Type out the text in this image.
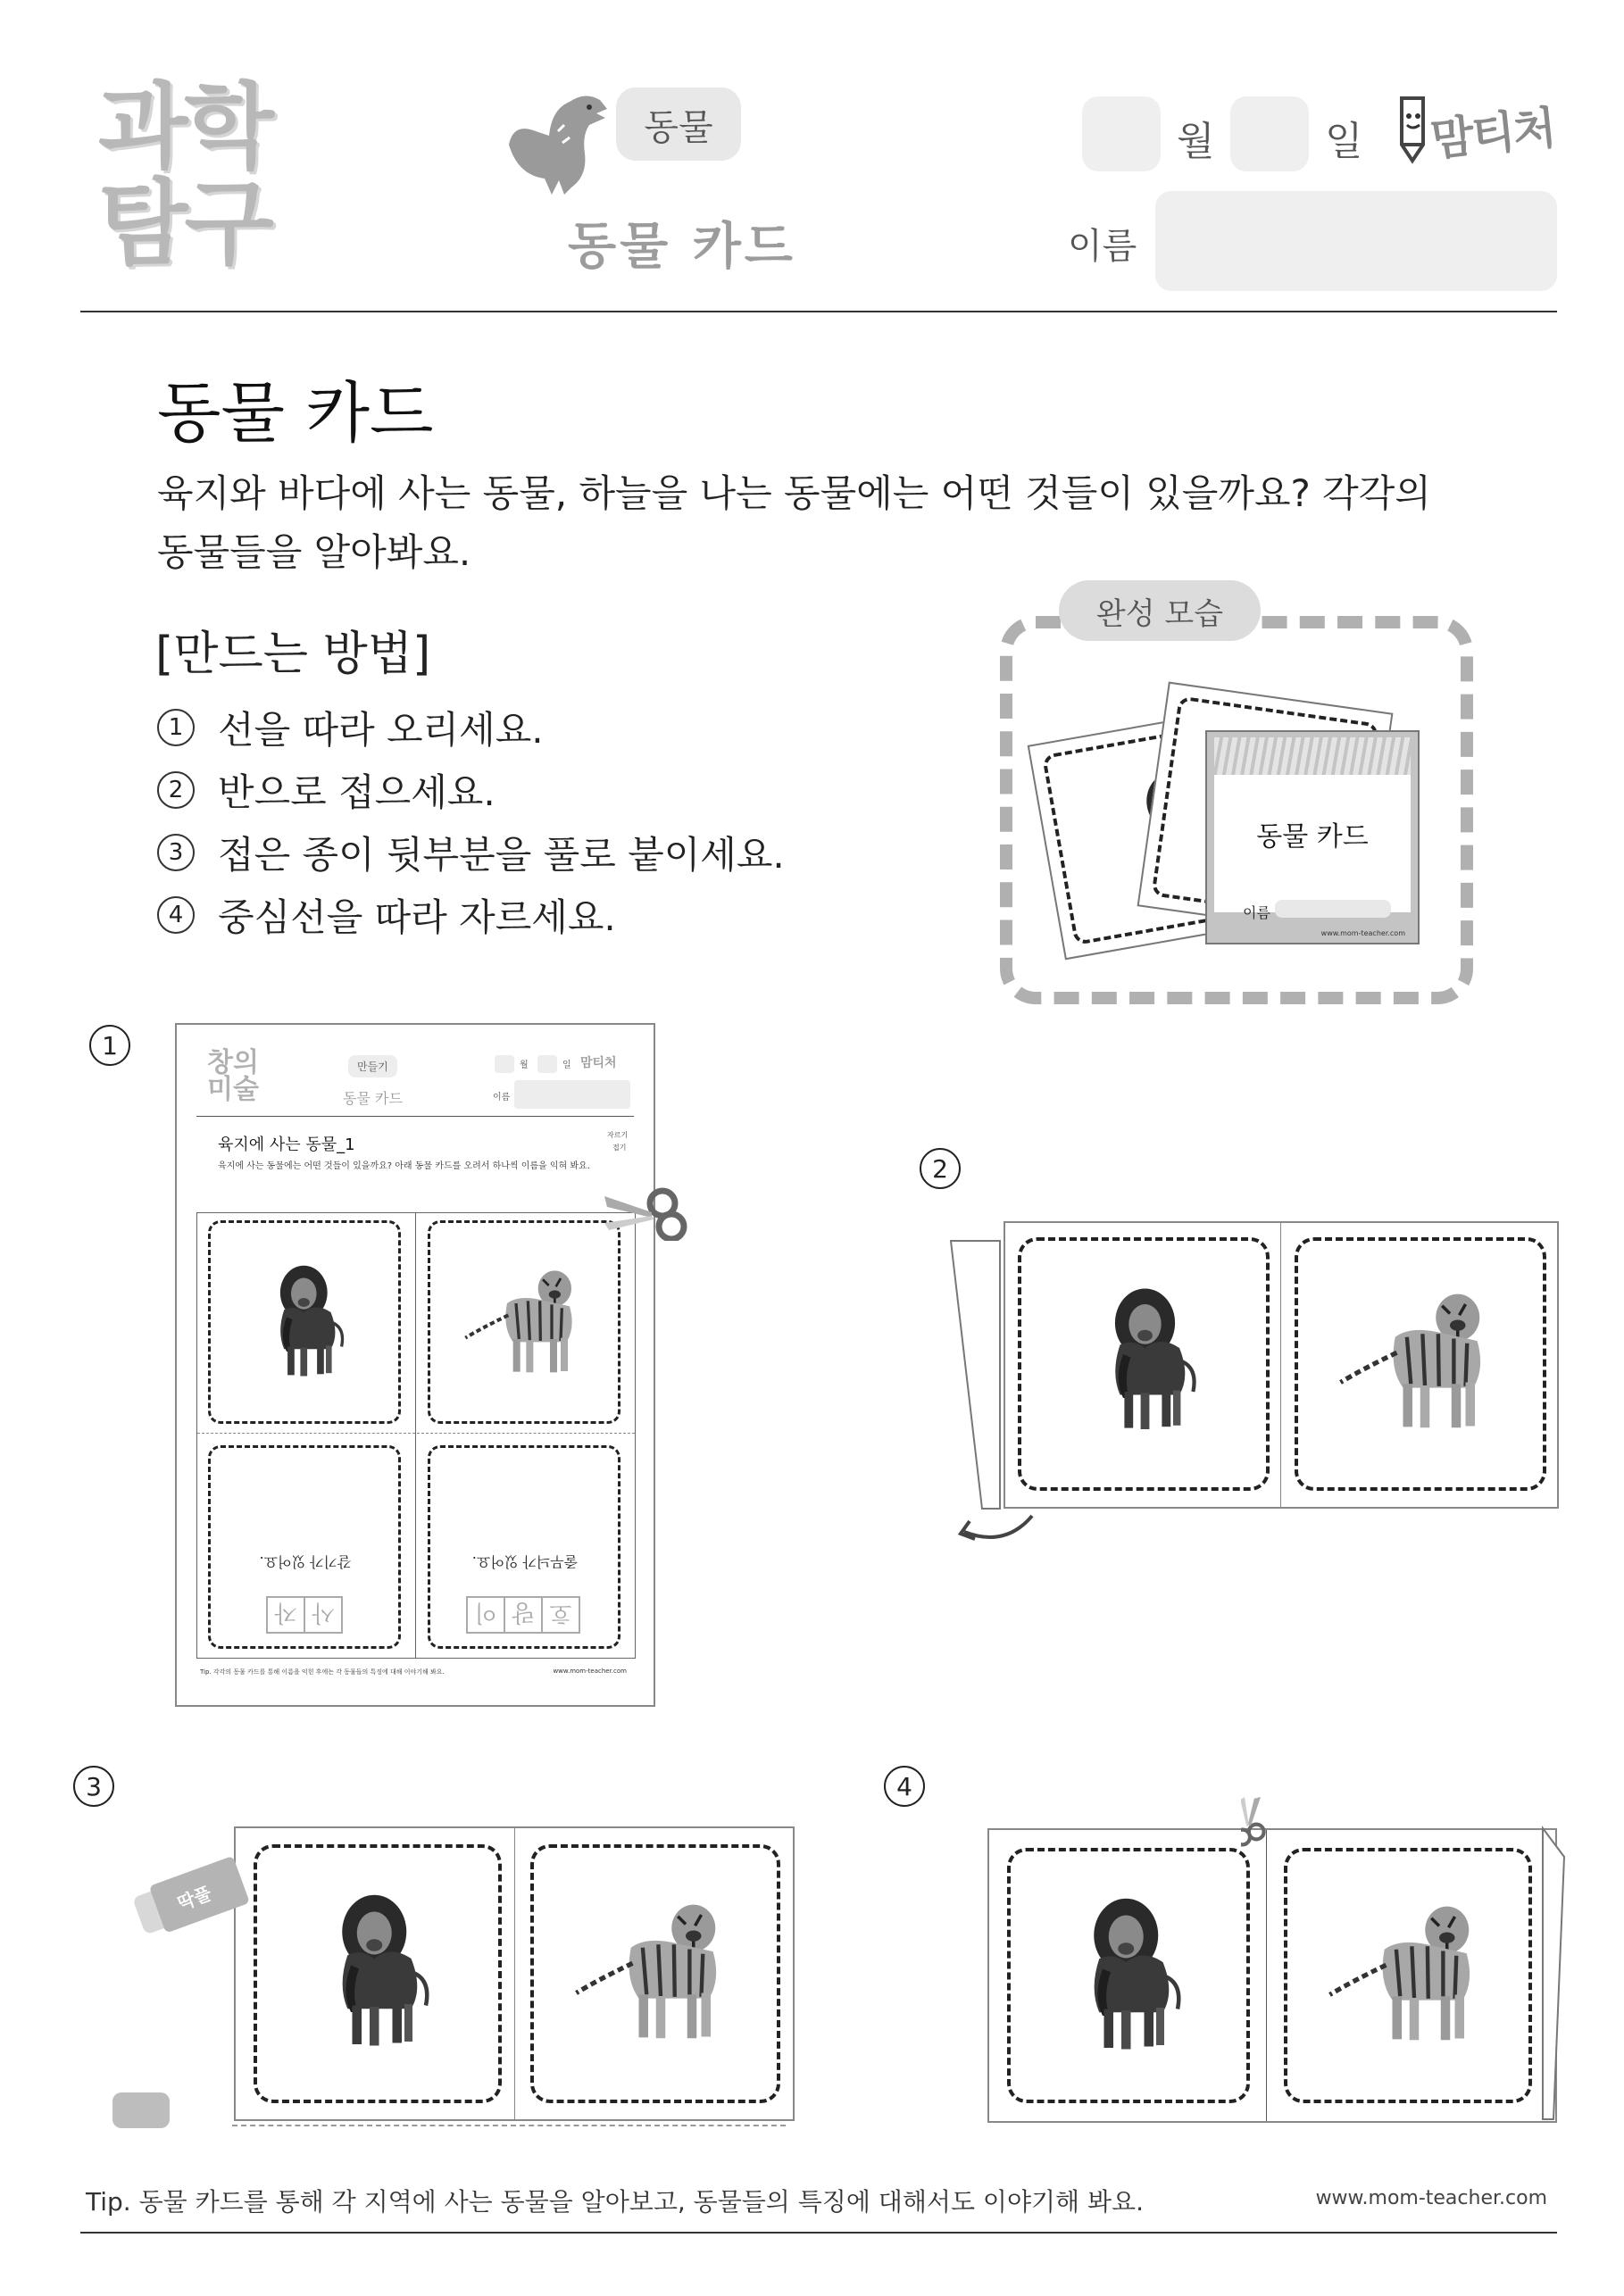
과학
탐구
동물
동물 카드
월	일 맘티처
이름
동물 카드
육지와 바다에 사는 동물, 하늘을 나는 동물에는 어떤 것들이 있을까요? 각각의 동물들을 알아봐요.
[만드는 방법]
1 선을 따라 오리세요.
2 반으로 접으세요.
3 접은 종이 뒷부분을 풀로 붙이세요.
4 중심선을 따라 자르세요.
완성 모습
동물 카드
이름
www.mom-teacher.com
1
창의
미술
만들기
동물 카드
월	일 맘티처
이름
육지에 사는 동물_1
자르기
접기
육지에 사는 동물에는 어떤 것들이 있을까요? 아래 동물 카드를 오려서 하나씩 이름을 익혀 봐요.
사
자
갈기가 있어요.
호
랑
이
줄무늬가 있어요.
Tip. 각각의 동물 카드를 통해 이름을 익힌 후에는 각 동물들의 특징에 대해 이야기해 봐요.	www.mom-teacher.com
2
3
딱풀
4
Tip. 동물 카드를 통해 각 지역에 사는 동물을 알아보고, 동물들의 특징에 대해서도 이야기해 봐요.	www.mom-teacher.com
